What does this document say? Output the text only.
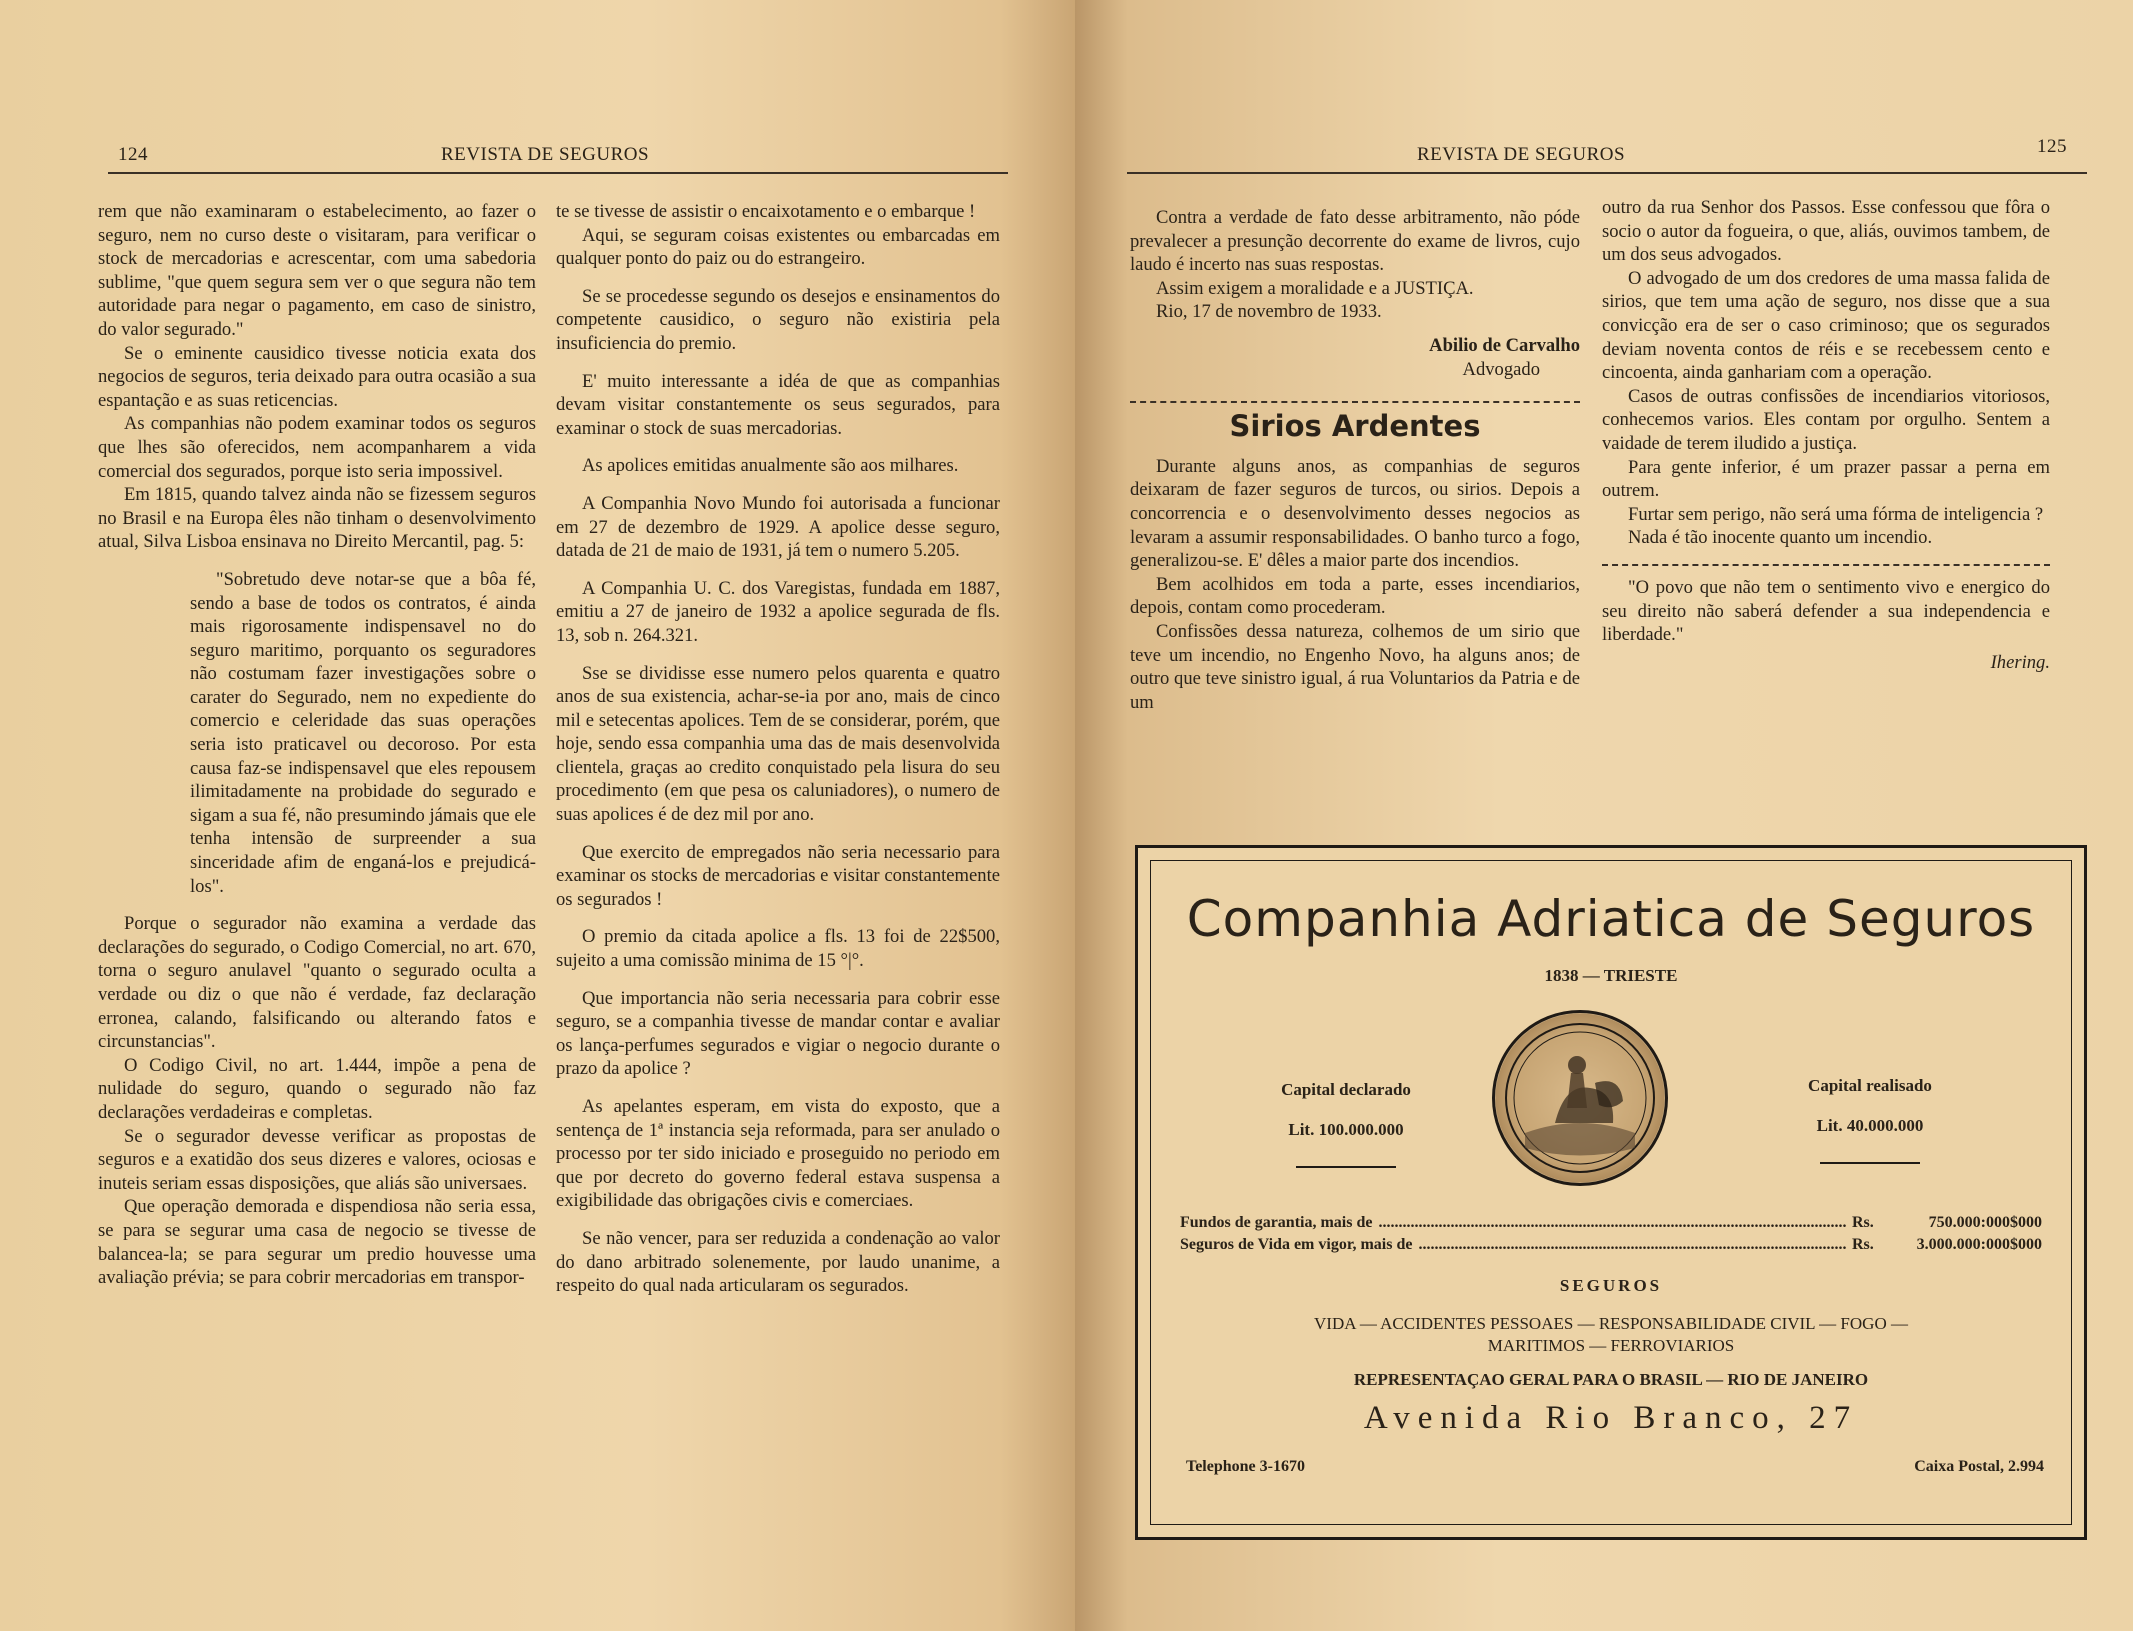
124	REVISTA DE SEGUROS

rem que não examinaram o estabelecimento, ao fazer o seguro, nem no curso deste o visitaram, para verificar o stock de mercadorias e acrescentar, com uma sabedoria sublime, "que quem segura sem ver o que segura não tem autoridade para negar o pagamento, em caso de sinistro, do valor segurado."

Se o eminente causidico tivesse noticia exata dos negocios de seguros, teria deixado para outra ocasião a sua espantação e as suas reticencias.

As companhias não podem examinar todos os seguros que lhes são oferecidos, nem acompanharem a vida comercial dos segurados, porque isto seria impossivel.

Em 1815, quando talvez ainda não se fizessem seguros no Brasil e na Europa êles não tinham o desenvolvimento atual, Silva Lisboa ensinava no Direito Mercantil, pag. 5:

"Sobretudo deve notar-se que a bôa fé, sendo a base de todos os contratos, é ainda mais rigorosamente indispensavel no do seguro maritimo, porquanto os seguradores não costumam fazer investigações sobre o carater do Segurado, nem no expediente do comercio e celeridade das suas operações seria isto praticavel ou decoroso. Por esta causa faz-se indispensavel que eles repousem ilimitadamente na probidade do segurado e sigam a sua fé, não presumindo jámais que ele tenha intensão de surpreender a sua sinceridade afim de enganá-los e prejudicá-los".

Porque o segurador não examina a verdade das declarações do segurado, o Codigo Comercial, no art. 670, torna o seguro anulavel "quanto o segurado oculta a verdade ou diz o que não é verdade, faz declaração erronea, calando, falsificando ou alterando fatos e circunstancias".

O Codigo Civil, no art. 1.444, impõe a pena de nulidade do seguro, quando o segurado não faz declarações verdadeiras e completas.

Se o segurador devesse verificar as propostas de seguros e a exatidão dos seus dizeres e valores, ociosas e inuteis seriam essas disposições, que aliás são universaes.

Que operação demorada e dispendiosa não seria essa, se para se segurar uma casa de negocio se tivesse de balancea-la; se para segurar um predio houvesse uma avaliação prévia; se para cobrir mercadorias em transpor-

te se tivesse de assistir o encaixotamento e o embarque !

Aqui, se seguram coisas existentes ou embarcadas em qualquer ponto do paiz ou do estrangeiro.

Se se procedesse segundo os desejos e ensinamentos do competente causidico, o seguro não existiria pela insuficiencia do premio.

E' muito interessante a idéa de que as companhias devam visitar constantemente os seus segurados, para examinar o stock de suas mercadorias.

As apolices emitidas anualmente são aos milhares.

A Companhia Novo Mundo foi autorisada a funcionar em 27 de dezembro de 1929. A apolice desse seguro, datada de 21 de maio de 1931, já tem o numero 5.205.

A Companhia U. C. dos Varegistas, fundada em 1887, emitiu a 27 de janeiro de 1932 a apolice segurada de fls. 13, sob n. 264.321.

Sse se dividisse esse numero pelos quarenta e quatro anos de sua existencia, achar-se-ia por ano, mais de cinco mil e setecentas apolices. Tem de se considerar, porém, que hoje, sendo essa companhia uma das de mais desenvolvida clientela, graças ao credito conquistado pela lisura do seu procedimento (em que pesa os caluniadores), o numero de suas apolices é de dez mil por ano.

Que exercito de empregados não seria necessario para examinar os stocks de mercadorias e visitar constantemente os segurados !

O premio da citada apolice a fls. 13 foi de 22$500, sujeito a uma comissão minima de 15 °|°.

Que importancia não seria necessaria para cobrir esse seguro, se a companhia tivesse de mandar contar e avaliar os lança-perfumes segurados e vigiar o negocio durante o prazo da apolice ?

As apelantes esperam, em vista do exposto, que a sentença de 1ª instancia seja reformada, para ser anulado o processo por ter sido iniciado e proseguido no periodo em que por decreto do governo federal estava suspensa a exigibilidade das obrigações civis e comerciaes.

Se não vencer, para ser reduzida a condenação ao valor do dano arbitrado solenemente, por laudo unanime, a respeito do qual nada articularam os segurados.

REVISTA DE SEGUROS	125

Contra a verdade de fato desse arbitramento, não póde prevalecer a presunção decorrente do exame de livros, cujo laudo é incerto nas suas respostas.

Assim exigem a moralidade e a JUSTIÇA.

Rio, 17 de novembro de 1933.

Abilio de Carvalho

Advogado

Sirios Ardentes

Durante alguns anos, as companhias de seguros deixaram de fazer seguros de turcos, ou sirios. Depois a concorrencia e o desenvolvimento desses negocios as levaram a assumir responsabilidades. O banho turco a fogo, generalizou-se. E' dêles a maior parte dos incendios.

Bem acolhidos em toda a parte, esses incendiarios, depois, contam como procederam.

Confissões dessa natureza, colhemos de um sirio que teve um incendio, no Engenho Novo, ha alguns anos; de outro que teve sinistro igual, á rua Voluntarios da Patria e de um

outro da rua Senhor dos Passos. Esse confessou que fôra o socio o autor da fogueira, o que, aliás, ouvimos tambem, de um dos seus advogados.

O advogado de um dos credores de uma massa falida de sirios, que tem uma ação de seguro, nos disse que a sua convicção era de ser o caso criminoso; que os segurados deviam noventa contos de réis e se recebessem cento e cincoenta, ainda ganhariam com a operação.

Casos de outras confissões de incendiarios vitoriosos, conhecemos varios. Eles contam por orgulho. Sentem a vaidade de terem iludido a justiça.

Para gente inferior, é um prazer passar a perna em outrem.

Furtar sem perigo, não será uma fórma de inteligencia ?

Nada é tão inocente quanto um incendio.

"O povo que não tem o sentimento vivo e energico do seu direito não saberá defender a sua independencia e liberdade."

Ihering.

Companhia Adriatica de Seguros
1838 — TRIESTE
Capital declarado
Lit. 100.000.000
Capital realisado
Lit. 40.000.000
Fundos de garantia, mais de .....	Rs.	750.000:000$000
Seguros de Vida em vigor, mais de .....	Rs.	3.000.000:000$000
SEGUROS
VIDA — ACCIDENTES PESSOAES — RESPONSABILIDADE CIVIL — FOGO —
MARITIMOS — FERROVIARIOS
REPRESENTAÇAO GERAL PARA O BRASIL — RIO DE JANEIRO
Avenida Rio Branco, 27
Telephone 3-1670	Caixa Postal, 2.994
